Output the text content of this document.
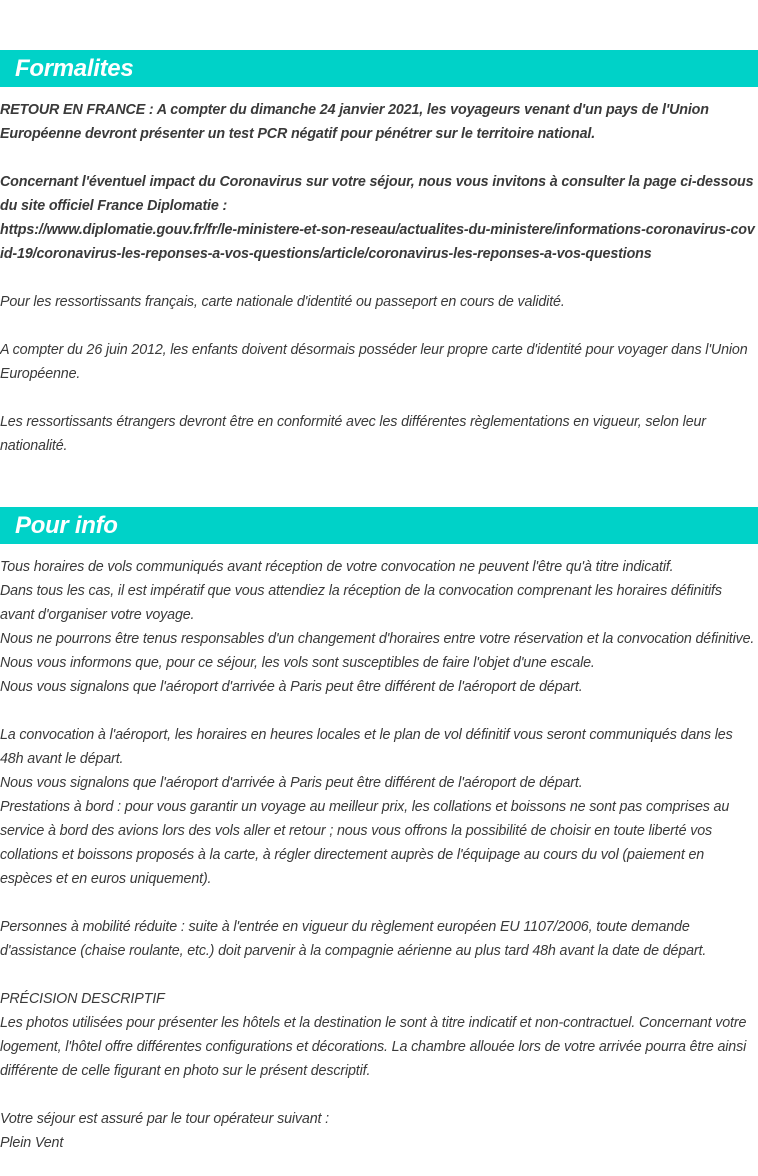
Formalites

RETOUR EN FRANCE : A compter du dimanche 24 janvier 2021, les voyageurs venant d'un pays de l'Union Européenne devront présenter un test PCR négatif pour pénétrer sur le territoire national.

Concernant l'éventuel impact du Coronavirus sur votre séjour, nous vous invitons à consulter la page ci-dessous du site officiel France Diplomatie :

https://www.diplomatie.gouv.fr/fr/le-ministere-et-son-reseau/actualites-du-ministere/informations-coronavirus-covid-19/coronavirus-les-reponses-a-vos-questions/article/coronavirus-les-reponses-a-vos-questions

Pour les ressortissants français, carte nationale d'identité ou passeport en cours de validité.

A compter du 26 juin 2012, les enfants doivent désormais posséder leur propre carte d'identité pour voyager dans l'Union Européenne.

Les ressortissants étrangers devront être en conformité avec les différentes règlementations en vigueur, selon leur nationalité.

Pour info

Tous horaires de vols communiqués avant réception de votre convocation ne peuvent l'être qu'à titre indicatif.

Dans tous les cas, il est impératif que vous attendiez la réception de la convocation comprenant les horaires définitifs avant d'organiser votre voyage.

Nous ne pourrons être tenus responsables d'un changement d'horaires entre votre réservation et la convocation définitive.

Nous vous informons que, pour ce séjour, les vols sont susceptibles de faire l'objet d'une escale.

Nous vous signalons que l'aéroport d'arrivée à Paris peut être différent de l'aéroport de départ.

La convocation à l'aéroport, les horaires en heures locales et le plan de vol définitif vous seront communiqués dans les 48h avant le départ.

Nous vous signalons que l'aéroport d'arrivée à Paris peut être différent de l'aéroport de départ.

Prestations à bord : pour vous garantir un voyage au meilleur prix, les collations et boissons ne sont pas comprises au service à bord des avions lors des vols aller et retour ; nous vous offrons la possibilité de choisir en toute liberté vos collations et boissons proposés à la carte, à régler directement auprès de l'équipage au cours du vol (paiement en espèces et en euros uniquement).

Personnes à mobilité réduite : suite à l'entrée en vigueur du règlement européen EU 1107/2006, toute demande d'assistance (chaise roulante, etc.) doit parvenir à la compagnie aérienne au plus tard 48h avant la date de départ.

PRÉCISION DESCRIPTIF

Les photos utilisées pour présenter les hôtels et la destination le sont à titre indicatif et non-contractuel. Concernant votre logement, l'hôtel offre différentes configurations et décorations. La chambre allouée lors de votre arrivée pourra être ainsi différente de celle figurant en photo sur le présent descriptif.

Votre séjour est assuré par le tour opérateur suivant :

Plein Vent
